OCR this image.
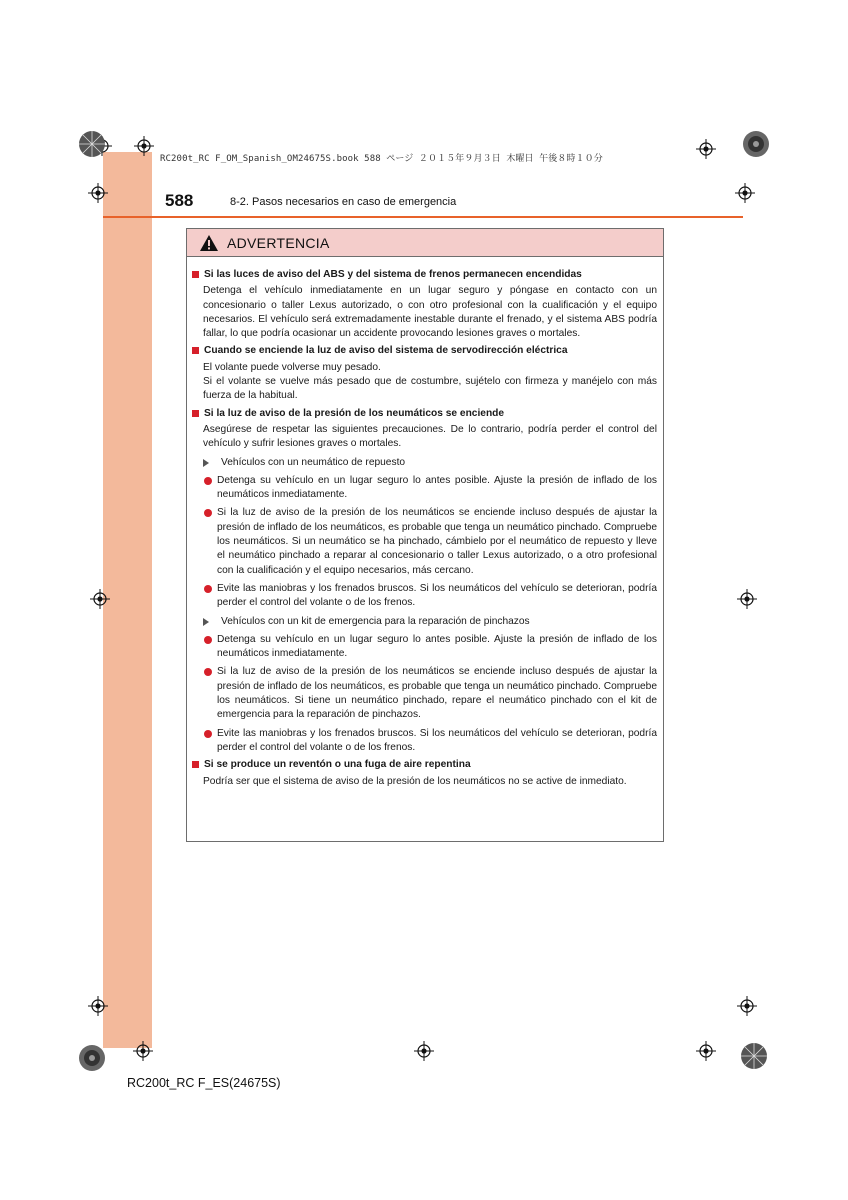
RC200t_RC F_OM_Spanish_OM24675S.book 588 ページ ２０１５年９月３日 木曜日 午後８時１０分
588	8-2. Pasos necesarios en caso de emergencia
ADVERTENCIA
Si las luces de aviso del ABS y del sistema de frenos permanecen encendidas

Detenga el vehículo inmediatamente en un lugar seguro y póngase en contacto con un concesionario o taller Lexus autorizado, o con otro profesional con la cualificación y el equipo necesarios. El vehículo será extremadamente inestable durante el frenado, y el sistema ABS podría fallar, lo que podría ocasionar un accidente provocando lesiones graves o mortales.

Cuando se enciende la luz de aviso del sistema de servodirección eléctrica

El volante puede volverse muy pesado.

Si el volante se vuelve más pesado que de costumbre, sujételo con firmeza y manéjelo con más fuerza de la habitual.

Si la luz de aviso de la presión de los neumáticos se enciende

Asegúrese de respetar las siguientes precauciones. De lo contrario, podría perder el control del vehículo y sufrir lesiones graves o mortales.

Vehículos con un neumático de repuesto
Detenga su vehículo en un lugar seguro lo antes posible. Ajuste la presión de inflado de los neumáticos inmediatamente.
Si la luz de aviso de la presión de los neumáticos se enciende incluso después de ajustar la presión de inflado de los neumáticos, es probable que tenga un neumático pinchado. Compruebe los neumáticos. Si un neumático se ha pinchado, cámbielo por el neumático de repuesto y lleve el neumático pinchado a reparar al concesionario o taller Lexus autorizado, o a otro profesional con la cualificación y el equipo necesarios, más cercano.
Evite las maniobras y los frenados bruscos. Si los neumáticos del vehículo se deterioran, podría perder el control del volante o de los frenos.
Vehículos con un kit de emergencia para la reparación de pinchazos
Detenga su vehículo en un lugar seguro lo antes posible. Ajuste la presión de inflado de los neumáticos inmediatamente.
Si la luz de aviso de la presión de los neumáticos se enciende incluso después de ajustar la presión de inflado de los neumáticos, es probable que tenga un neumático pinchado. Compruebe los neumáticos. Si tiene un neumático pinchado, repare el neumático pinchado con el kit de emergencia para la reparación de pinchazos.
Evite las maniobras y los frenados bruscos. Si los neumáticos del vehículo se deterioran, podría perder el control del volante o de los frenos.
Si se produce un reventón o una fuga de aire repentina

Podría ser que el sistema de aviso de la presión de los neumáticos no se active de inmediato.

RC200t_RC F_ES(24675S)
